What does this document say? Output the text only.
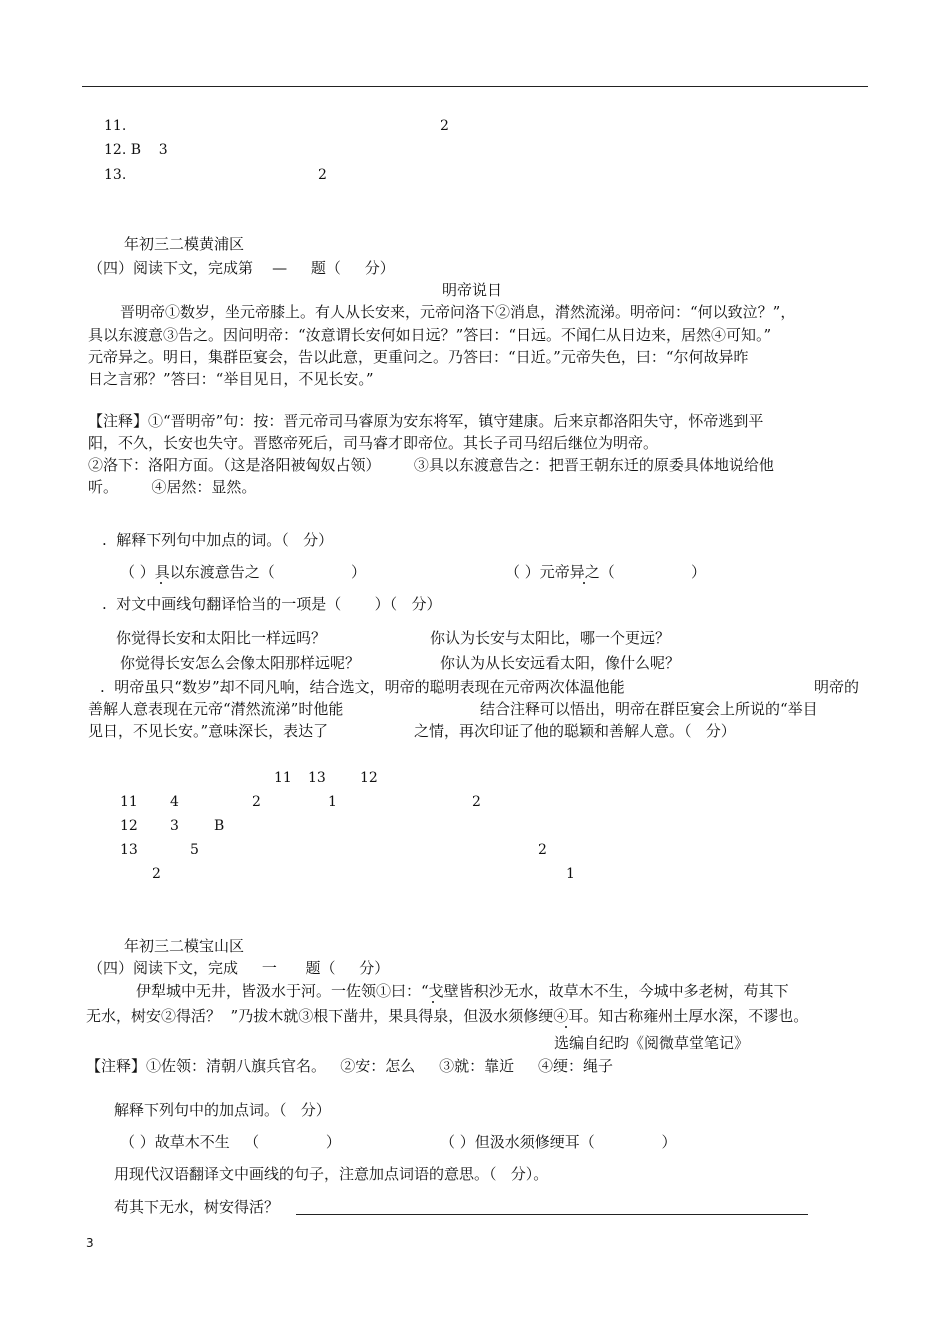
11.	2
12. B    3
13.	2
年初三二模黄浦区
（四）阅读下文，完成第    —     题（     分）
明帝说日
晋明帝①数岁，坐元帝膝上。有人从长安来，元帝问洛下②消息，潸然流涕。明帝问：“何以致泣？”，
具以东渡意③告之。因问明帝：“汝意谓长安何如日远？”答曰：“日远。不闻仁从日边来，居然④可知。”
元帝异之。明日，集群臣宴会，告以此意，更重问之。乃答曰：“日近。”元帝失色，曰：“尔何故异昨
日之言邪？”答曰：“举目见日，不见长安。”
【注释】①“晋明帝”句：按：晋元帝司马睿原为安东将军，镇守建康。后来京都洛阳失守，怀帝逃到平
阳，不久，长安也失守。晋愍帝死后，司马睿才即帝位。其长子司马绍后继位为明帝。
②洛下：洛阳方面。（这是洛阳被匈奴占领）       ③具以东渡意告之：把晋王朝东迁的原委具体地说给他
听。       ④居然：显然。
.  解释下列句中加点的词。（   分）
（ ）具以东渡意告之（                ）	（ ）元帝异之（                ）
.  对文中画线句翻译恰当的一项是（       ）（   分）
你觉得长安和太阳比一样远吗？	你认为长安与太阳比，哪一个更远？
你觉得长安怎么会像太阳那样远呢？	你认为从长安远看太阳，像什么呢？
.  明帝虽只“数岁”却不同凡响，结合选文，明帝的聪明表现在元帝两次体温他能	明帝的
善解人意表现在元帝“潸然流涕”时他能	结合注释可以悟出，明帝在群臣宴会上所说的“举目
见日，不见长安。”意味深长，表达了	之情，再次印证了他的聪颖和善解人意。（   分）
11 13 12
11 4	2	1	2
12 3	B
13	5	2
2	1
年初三二模宝山区
（四）阅读下文，完成     一      题（     分）
伊犁城中无井，皆汲水于河。一佐领①曰：“戈壁皆积沙无水，故草木不生，今城中多老树，苟其下
无水，树安②得活？  ”乃拔木就③根下凿井，果具得泉，但汲水须修绠④耳。知古称雍州土厚水深，不谬也。
选编自纪昀《阅微草堂笔记》
【注释】①佐领：清朝八旗兵官名。   ②安：怎么     ③就：靠近     ④绠：绳子
解释下列句中的加点词。（   分）
（ ）故草木不生   （              ）	（ ）但汲水须修绠耳（              ）
用现代汉语翻译文中画线的句子，注意加点词语的意思。（   分）。
苟其下无水，树安得活？
3
